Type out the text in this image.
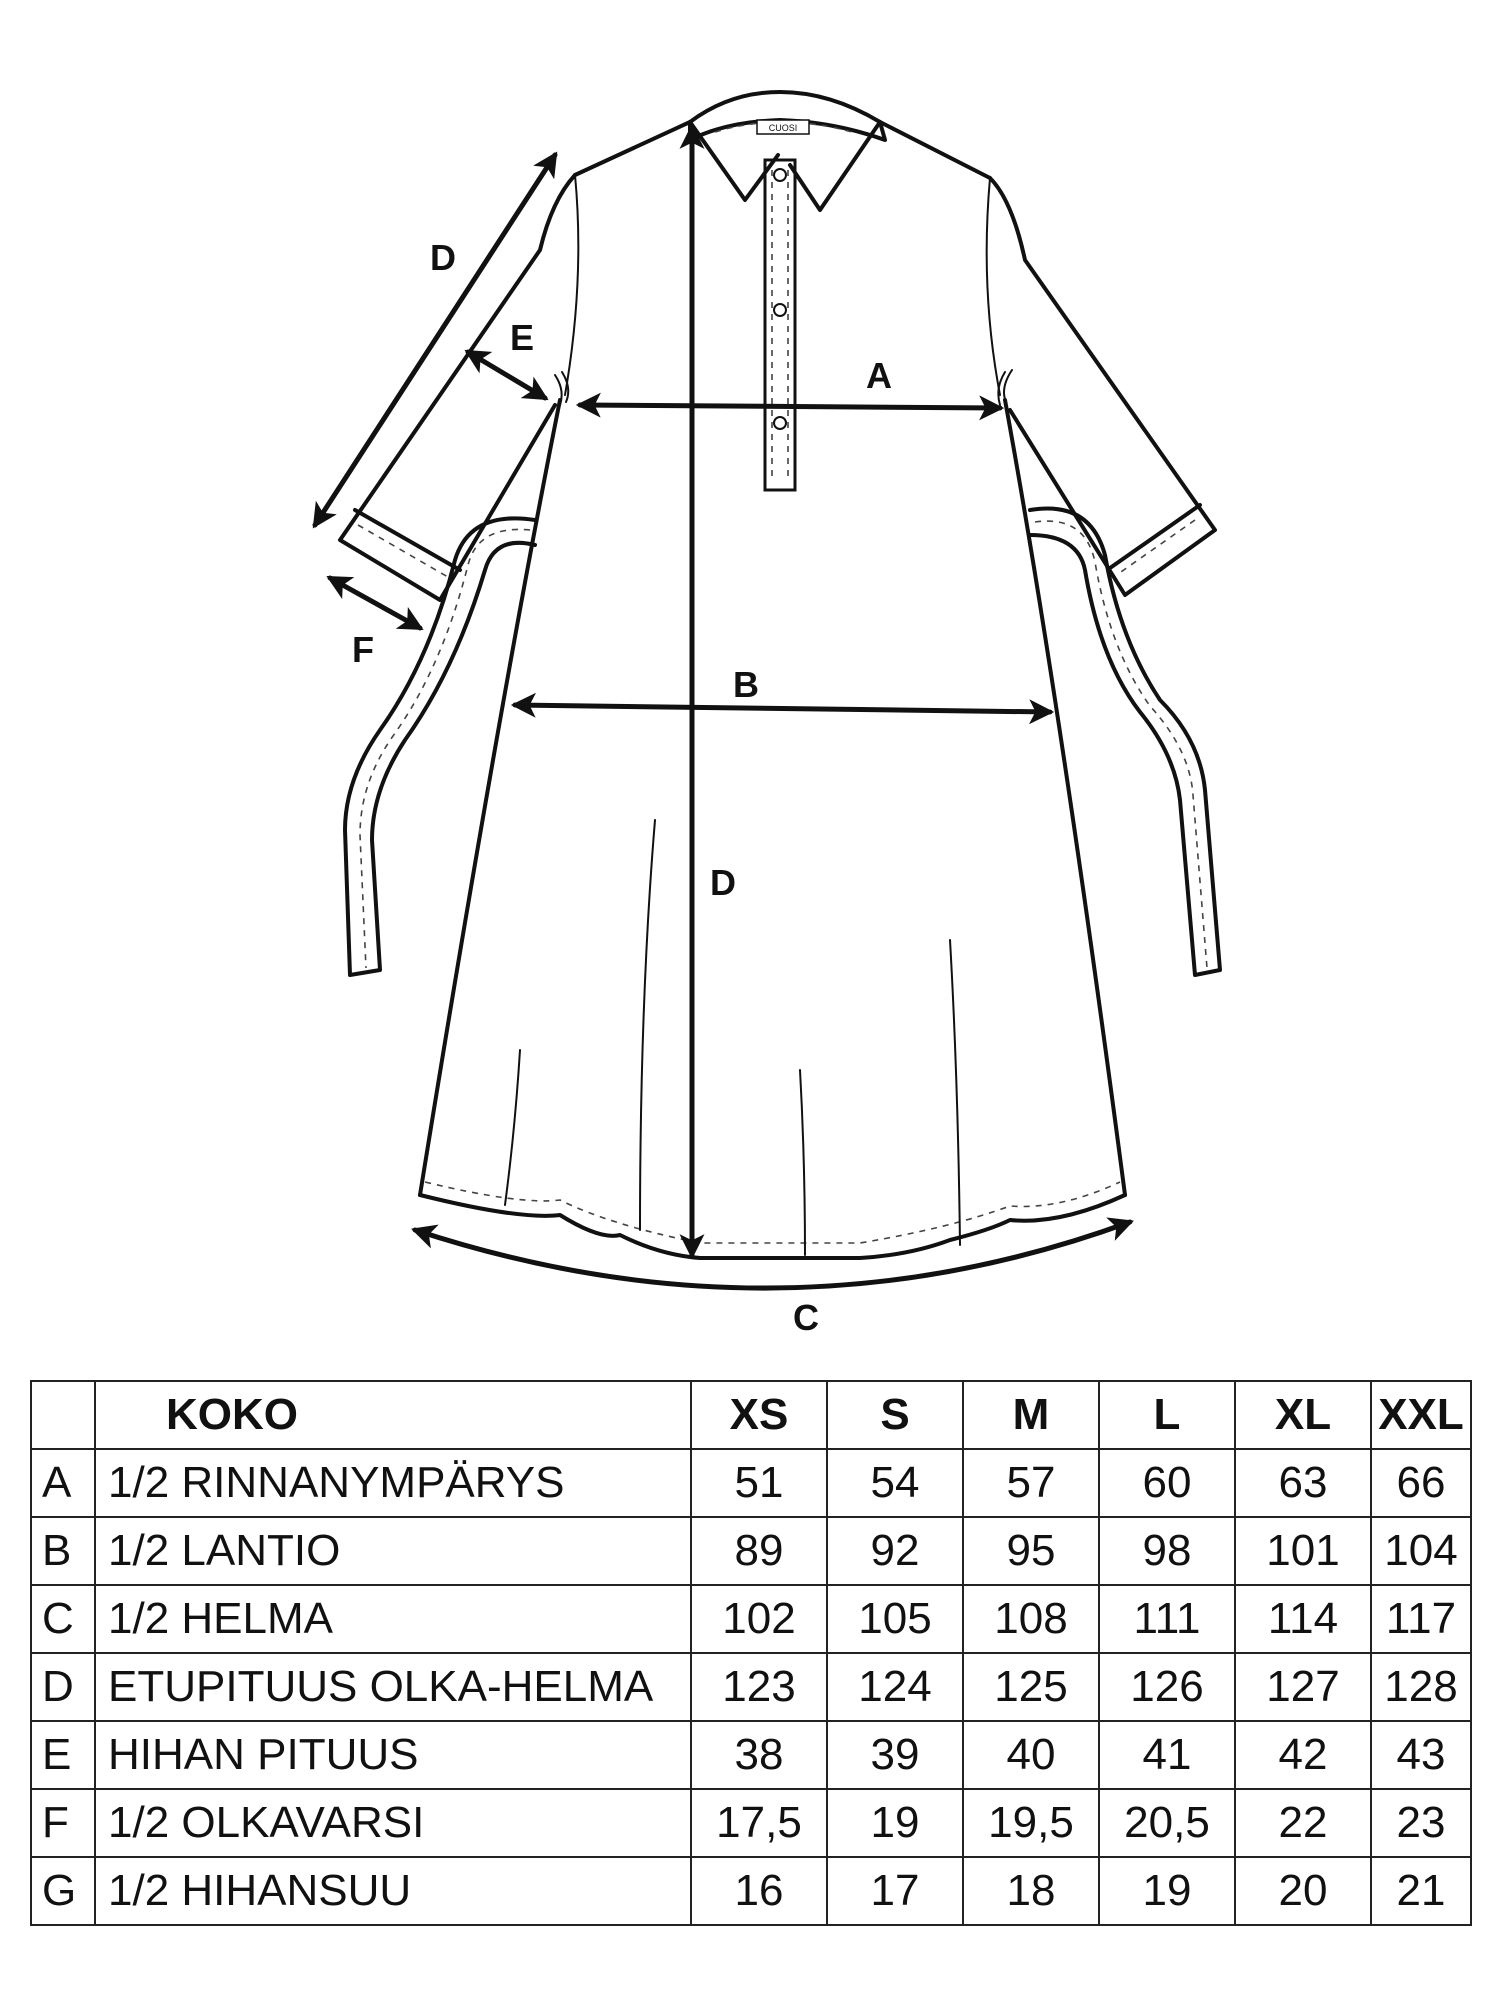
CUOSI
A
B
C
D
D
E
F
	KOKO	XS	S	M	L	XL	XXL
A	1/2 RINNANYMPÄRYS	51	54	57	60	63	66
B	1/2 LANTIO	89	92	95	98	101	104
C	1/2 HELMA	102	105	108	111	114	117
D	ETUPITUUS OLKA-HELMA	123	124	125	126	127	128
E	HIHAN PITUUS	38	39	40	41	42	43
F	1/2 OLKAVARSI	17,5	19	19,5	20,5	22	23
G	1/2 HIHANSUU	16	17	18	19	20	21
